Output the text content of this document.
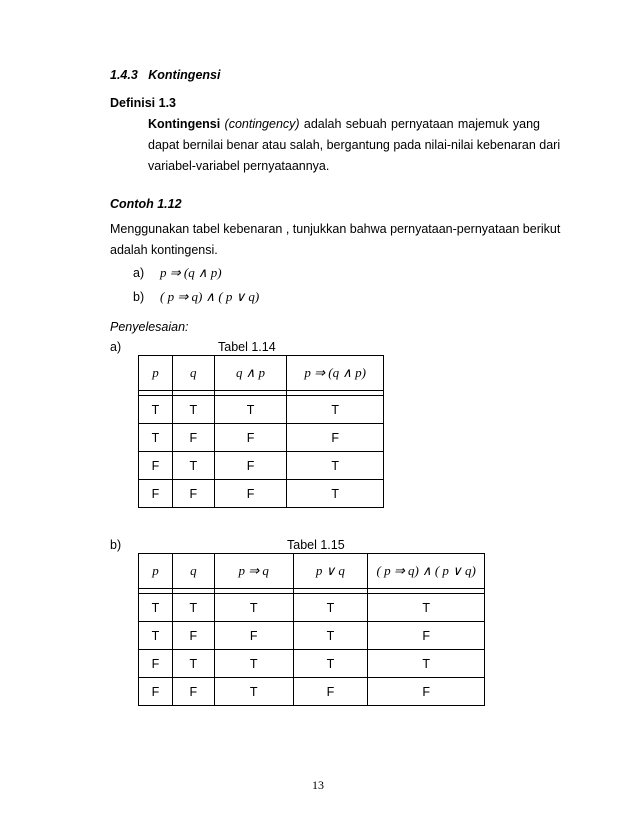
1.4.3 Kontingensi
Definisi 1.3
Kontingensi (contingency) adalah sebuah pernyataan majemuk yang
dapat bernilai benar atau salah, bergantung pada nilai-nilai kebenaran dari
variabel-variabel pernyataannya.
Contoh 1.12
Menggunakan tabel kebenaran , tunjukkan bahwa pernyataan-pernyataan berikut
adalah kontingensi.
a) p ⇒ (q ∧ p)
b) ( p ⇒ q) ∧ ( p ∨ q)
Penyelesaian:
a)	Tabel 1.14
p	q	q ∧ p	p ⇒ (q ∧ p)

T	T	T	T
T	F	F	F
F	T	F	T
F	F	F	T
b)	Tabel 1.15
p	q	p ⇒ q	p ∨ q	( p ⇒ q) ∧ ( p ∨ q)

T	T	T	T	T
T	F	F	T	F
F	T	T	T	T
F	F	T	F	F
13
